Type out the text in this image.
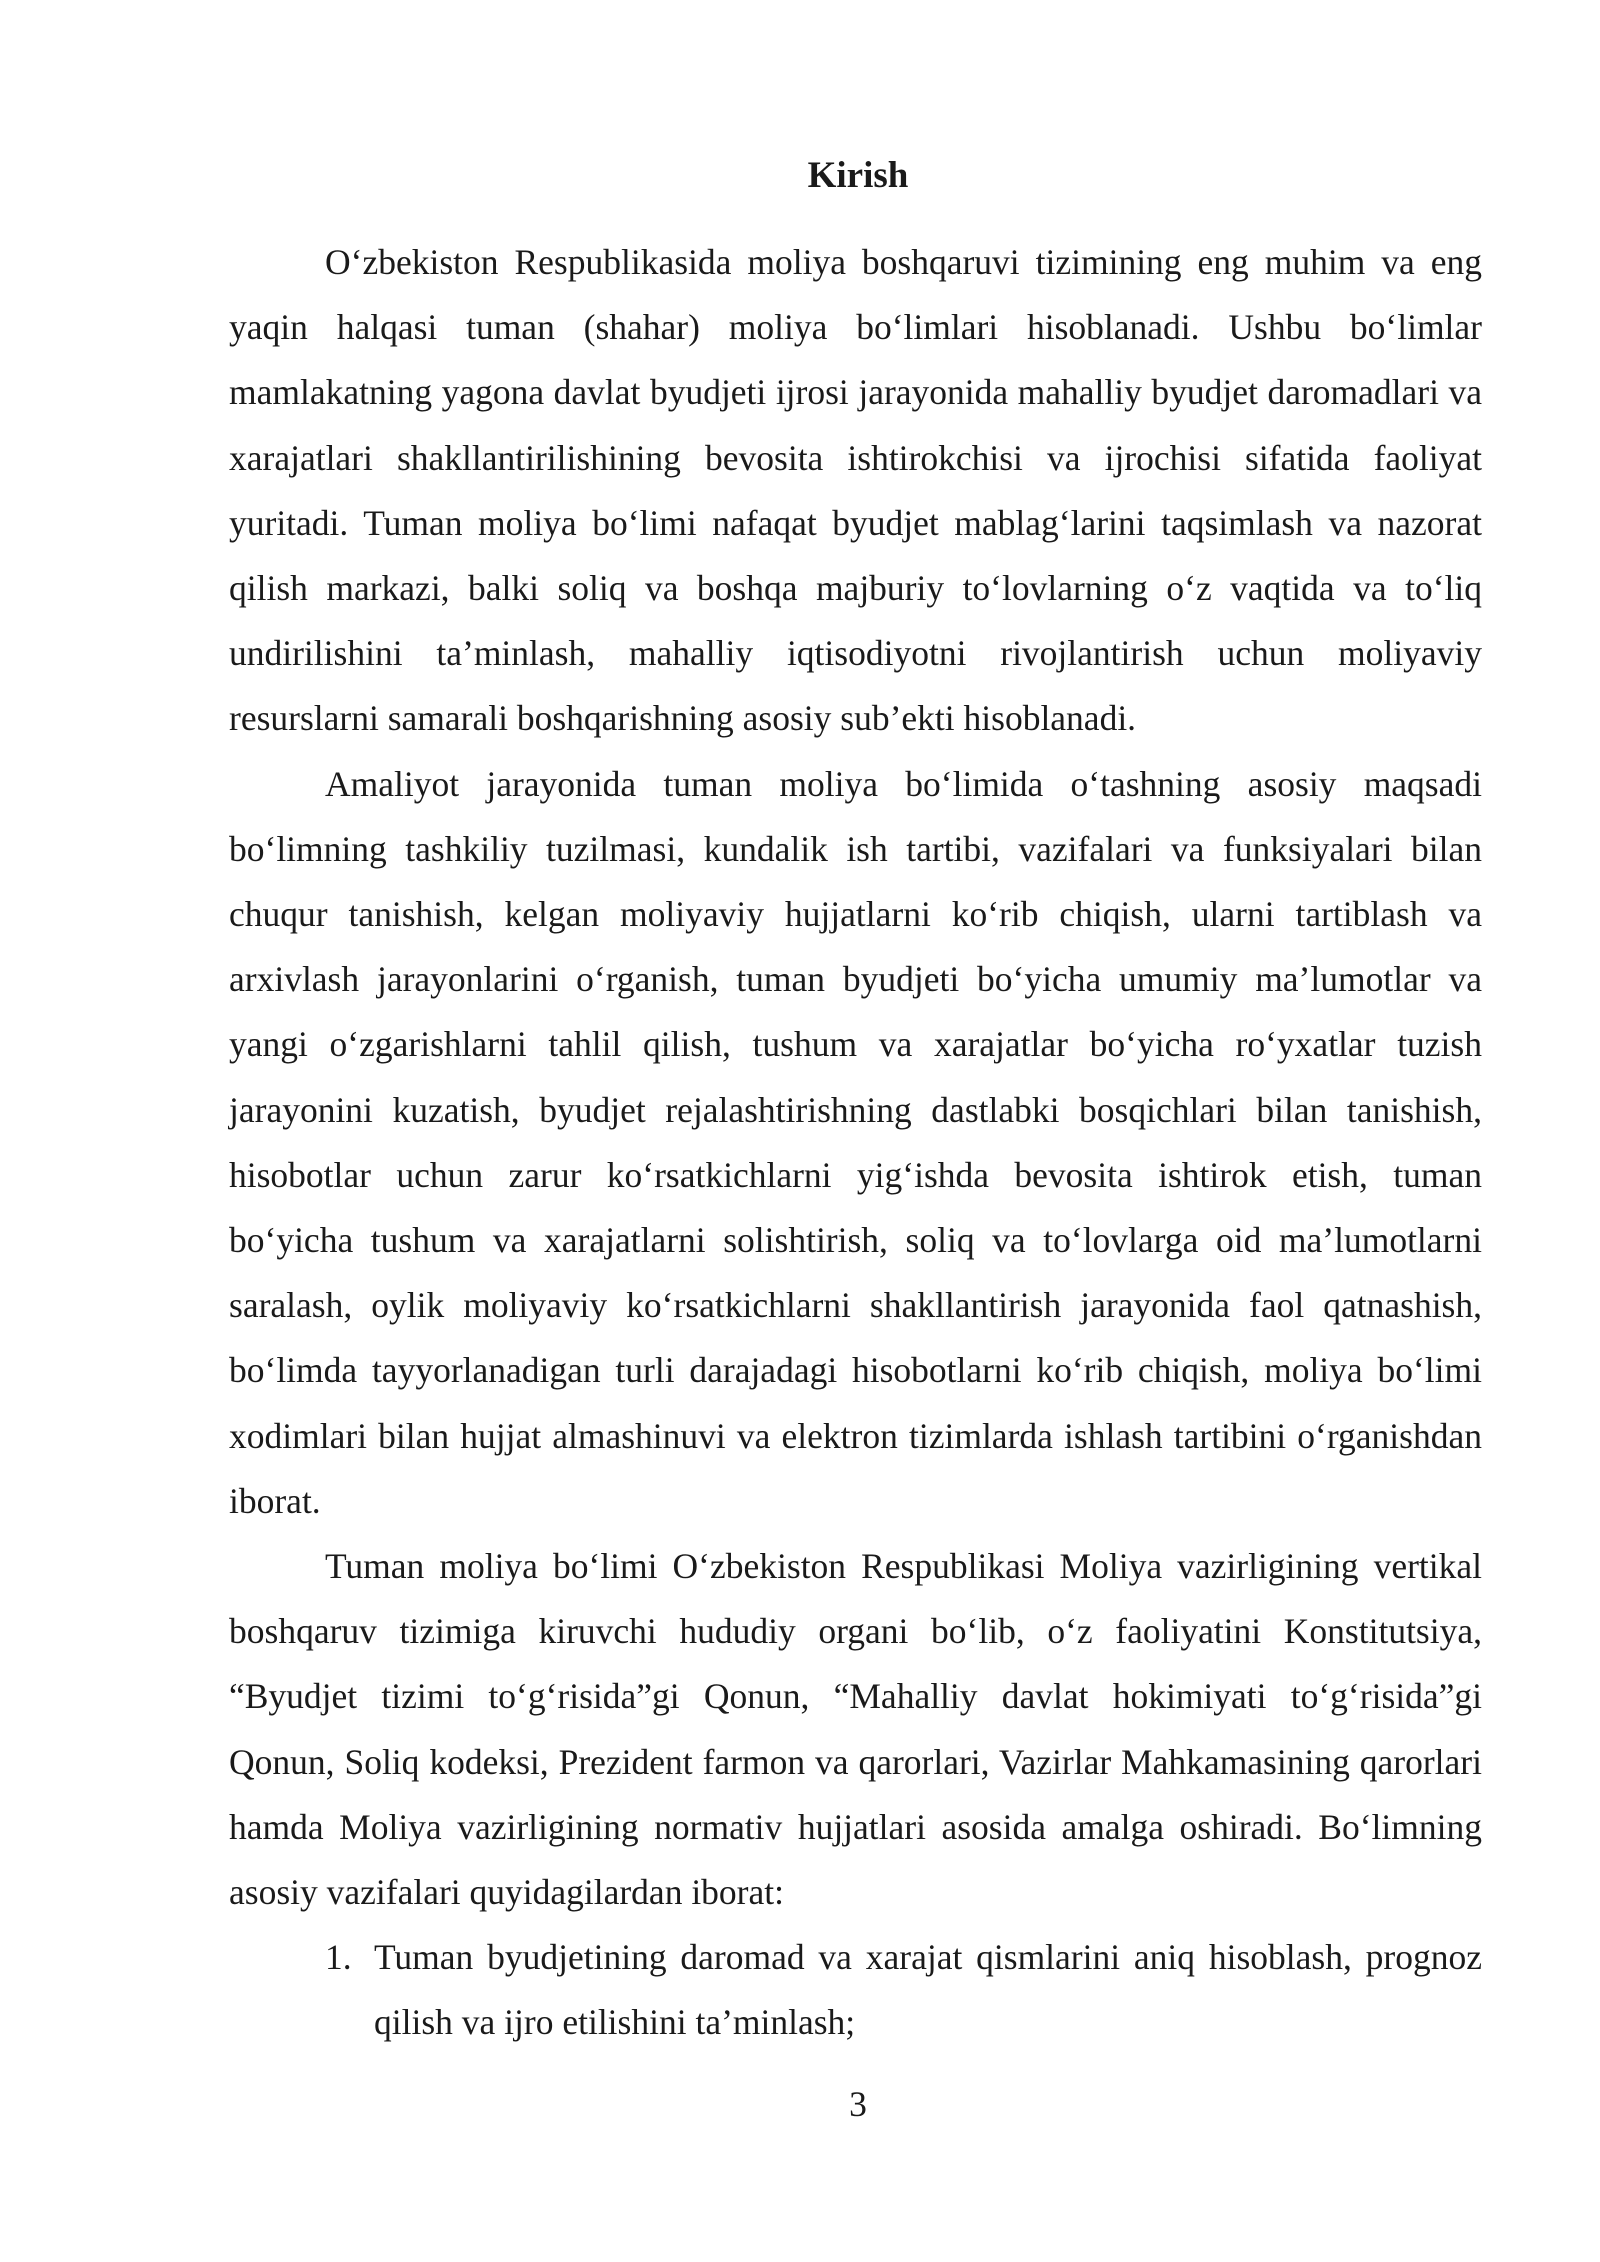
Kirish

O‘zbekiston Respublikasida moliya boshqaruvi tizimining eng muhim va eng yaqin halqasi tuman (shahar) moliya bo‘limlari hisoblanadi. Ushbu bo‘limlar mamlakatning yagona davlat byudjeti ijrosi jarayonida mahalliy byudjet daromadlari va xarajatlari shakllantirilishining bevosita ishtirokchisi va ijrochisi sifatida faoliyat yuritadi. Tuman moliya bo‘limi nafaqat byudjet mablag‘larini taqsimlash va nazorat qilish markazi, balki soliq va boshqa majburiy to‘lovlarning o‘z vaqtida va to‘liq undirilishini ta’minlash, mahalliy iqtisodiyotni rivojlantirish uchun moliyaviy resurslarni samarali boshqarishning asosiy sub’ekti hisoblanadi.

Amaliyot jarayonida tuman moliya bo‘limida o‘tashning asosiy maqsadi bo‘limning tashkiliy tuzilmasi, kundalik ish tartibi, vazifalari va funksiyalari bilan chuqur tanishish, kelgan moliyaviy hujjatlarni ko‘rib chiqish, ularni tartiblash va arxivlash jarayonlarini o‘rganish, tuman byudjeti bo‘yicha umumiy ma’lumotlar va yangi o‘zgarishlarni tahlil qilish, tushum va xarajatlar bo‘yicha ro‘yxatlar tuzish jarayonini kuzatish, byudjet rejalashtirishning dastlabki bosqichlari bilan tanishish, hisobotlar uchun zarur ko‘rsatkichlarni yig‘ishda bevosita ishtirok etish, tuman bo‘yicha tushum va xarajatlarni solishtirish, soliq va to‘lovlarga oid ma’lumotlarni saralash, oylik moliyaviy ko‘rsatkichlarni shakllantirish jarayonida faol qatnashish, bo‘limda tayyorlanadigan turli darajadagi hisobotlarni ko‘rib chiqish, moliya bo‘limi xodimlari bilan hujjat almashinuvi va elektron tizimlarda ishlash tartibini o‘rganishdan iborat.

Tuman moliya bo‘limi O‘zbekiston Respublikasi Moliya vazirligining vertikal boshqaruv tizimiga kiruvchi hududiy organi bo‘lib, o‘z faoliyatini Konstitutsiya, “Byudjet tizimi to‘g‘risida”gi Qonun, “Mahalliy davlat hokimiyati to‘g‘risida”gi Qonun, Soliq kodeksi, Prezident farmon va qarorlari, Vazirlar Mahkamasining qarorlari hamda Moliya vazirligining normativ hujjatlari asosida amalga oshiradi. Bo‘limning asosiy vazifalari quyidagilardan iborat:

1. Tuman byudjetining daromad va xarajat qismlarini aniq hisoblash, prognoz qilish va ijro etilishini ta’minlash;

3
